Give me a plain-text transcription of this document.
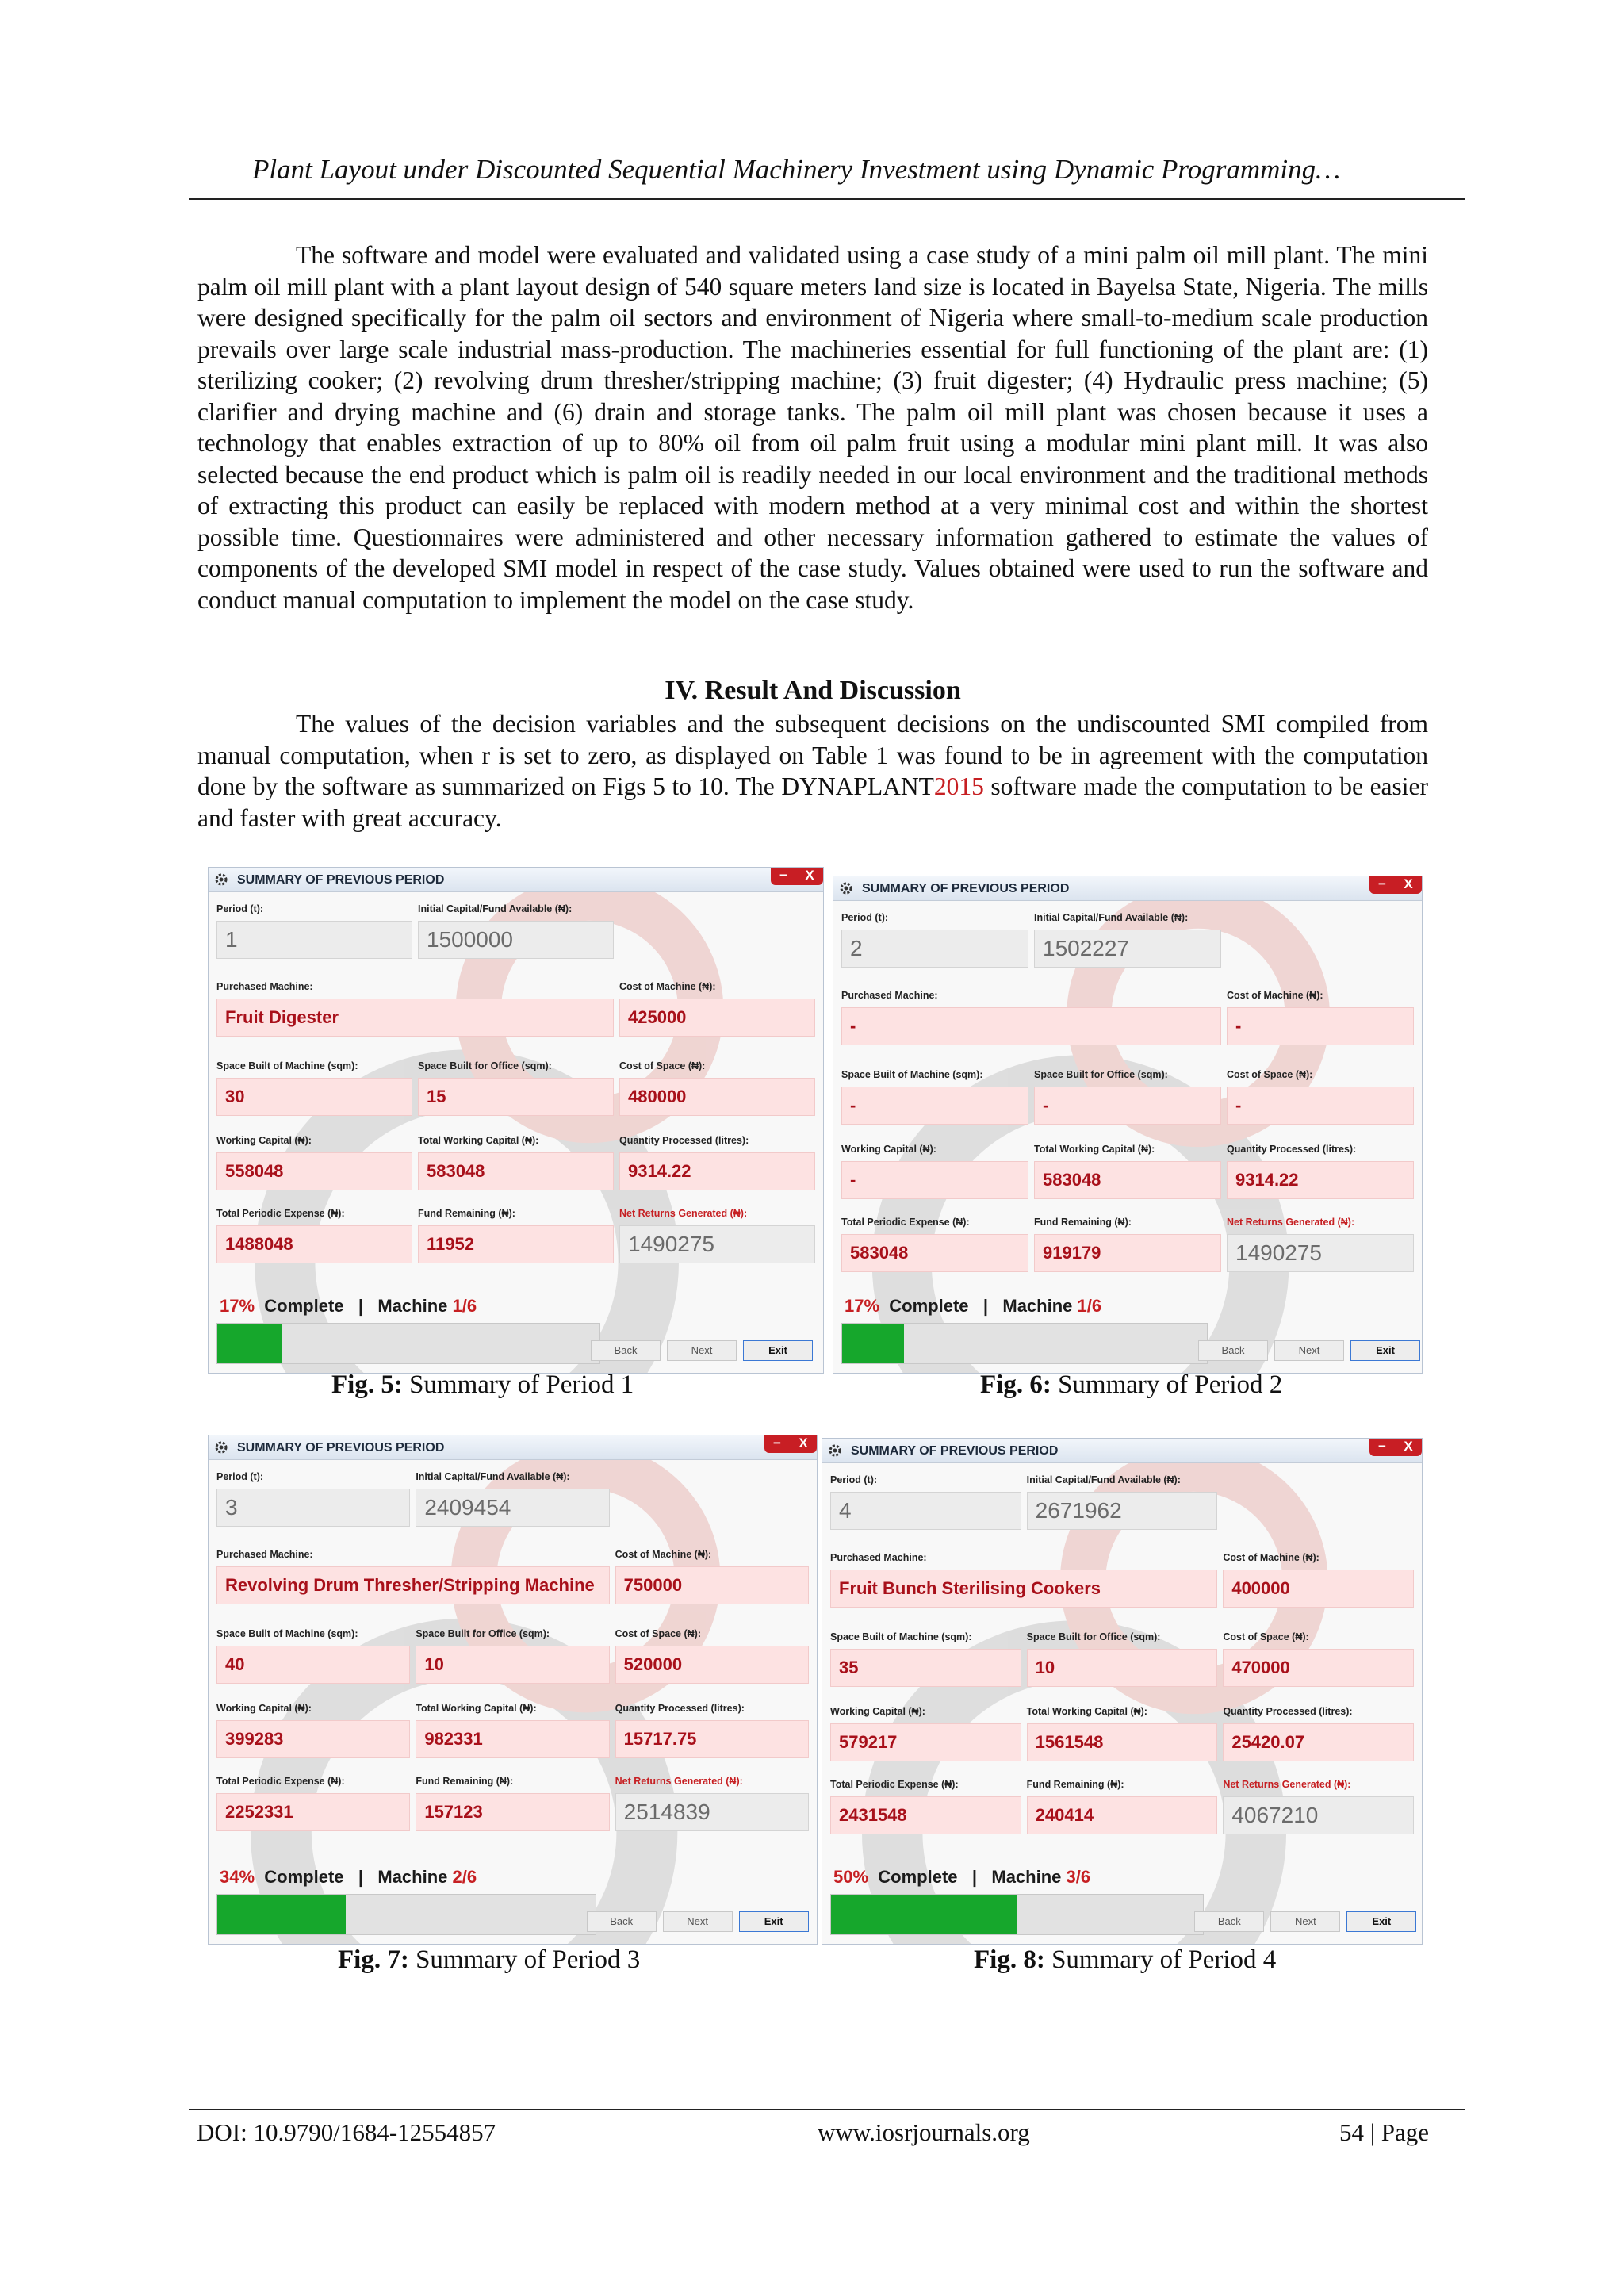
Plant Layout under Discounted Sequential Machinery Investment using Dynamic Programming…

The software and model were evaluated and validated using a case study of a mini palm oil mill plant. The mini palm oil mill plant with a plant layout design of 540 square meters land size is located in Bayelsa State, Nigeria. The mills were designed specifically for the palm oil sectors and environment of Nigeria where small-to-medium scale production prevails over large scale industrial mass-production. The machineries essential for full functioning of the plant are: (1) sterilizing cooker; (2) revolving drum thresher/stripping machine; (3) fruit digester; (4) Hydraulic press machine; (5) clarifier and drying machine and (6) drain and storage tanks. The palm oil mill plant was chosen because it uses a technology that enables extraction of up to 80% oil from oil palm fruit using a modular mini plant mill. It was also selected because the end product which is palm oil is readily needed in our local environment and the traditional methods of extracting this product can easily be replaced with modern method at a very minimal cost and within the shortest possible time. Questionnaires were administered and other necessary information gathered to estimate the values of components of the developed SMI model in respect of the case study. Values obtained were used to run the software and conduct manual computation to implement the model on the case study.

IV. Result And Discussion

The values of the decision variables and the subsequent decisions on the undiscounted SMI compiled from manual computation, when r is set to zero, as displayed on Table 1 was found to be in agreement with the computation done by the software as summarized on Figs 5 to 10. The DYNAPLANT2015 software made the computation to be easier and faster with great accuracy.

SUMMARY OF PREVIOUS PERIOD	−	X
Period (t):	Initial Capital/Fund Available (₦):
1	1500000
Purchased Machine:	Cost of Machine (₦):
Fruit Digester	425000
Space Built of Machine (sqm):	Space Built for Office (sqm):	Cost of Space (₦):
30	15	480000
Working Capital (₦):	Total Working Capital (₦):	Quantity Processed (litres):
558048	583048	9314.22
Total Periodic Expense (₦):	Fund Remaining (₦):	Net Returns Generated (₦):
1488048	11952	1490275
17% Complete | Machine 1/6
Back	Next	Exit
Fig. 5: Summary of Period 1
SUMMARY OF PREVIOUS PERIOD	−	X
Period (t):	Initial Capital/Fund Available (₦):
2	1502227
Purchased Machine:	Cost of Machine (₦):
-	-
Space Built of Machine (sqm):	Space Built for Office (sqm):	Cost of Space (₦):
-	-	-
Working Capital (₦):	Total Working Capital (₦):	Quantity Processed (litres):
-	583048	9314.22
Total Periodic Expense (₦):	Fund Remaining (₦):	Net Returns Generated (₦):
583048	919179	1490275
17% Complete | Machine 1/6
Back	Next	Exit
Fig. 6: Summary of Period 2
SUMMARY OF PREVIOUS PERIOD	−	X
Period (t):	Initial Capital/Fund Available (₦):
3	2409454
Purchased Machine:	Cost of Machine (₦):
Revolving Drum Thresher/Stripping Machine	750000
Space Built of Machine (sqm):	Space Built for Office (sqm):	Cost of Space (₦):
40	10	520000
Working Capital (₦):	Total Working Capital (₦):	Quantity Processed (litres):
399283	982331	15717.75
Total Periodic Expense (₦):	Fund Remaining (₦):	Net Returns Generated (₦):
2252331	157123	2514839
34% Complete | Machine 2/6
Back	Next	Exit
Fig. 7: Summary of Period 3
SUMMARY OF PREVIOUS PERIOD	−	X
Period (t):	Initial Capital/Fund Available (₦):
4	2671962
Purchased Machine:	Cost of Machine (₦):
Fruit Bunch Sterilising Cookers	400000
Space Built of Machine (sqm):	Space Built for Office (sqm):	Cost of Space (₦):
35	10	470000
Working Capital (₦):	Total Working Capital (₦):	Quantity Processed (litres):
579217	1561548	25420.07
Total Periodic Expense (₦):	Fund Remaining (₦):	Net Returns Generated (₦):
2431548	240414	4067210
50% Complete | Machine 3/6
Back	Next	Exit
Fig. 8: Summary of Period 4
DOI: 10.9790/1684-12554857	www.iosrjournals.org	54 | Page
